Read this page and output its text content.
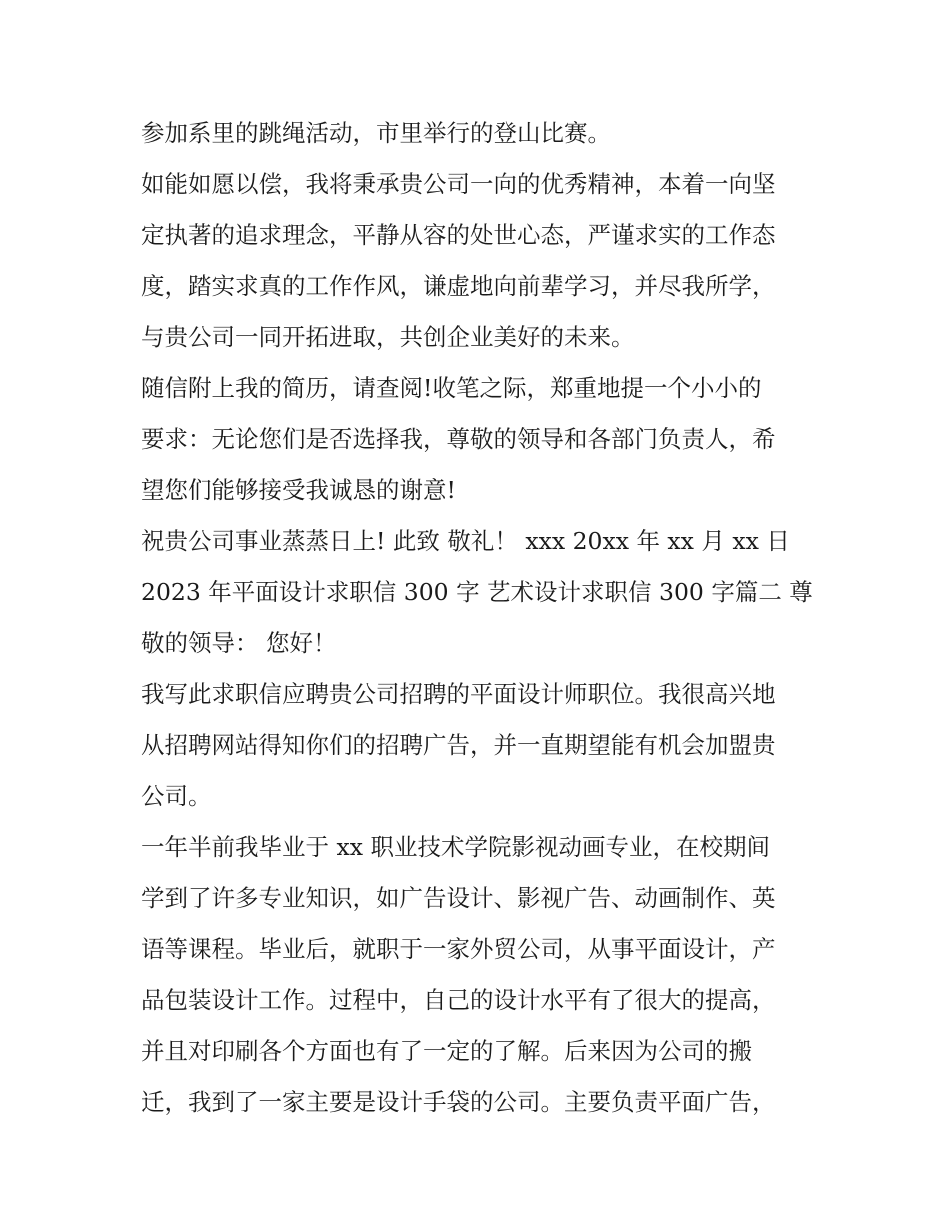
参加系里的跳绳活动，市里举行的登山比赛。
如能如愿以偿，我将秉承贵公司一向的优秀精神，本着一向坚
定执著的追求理念，平静从容的处世心态，严谨求实的工作态
度，踏实求真的工作作风，谦虚地向前辈学习，并尽我所学，
与贵公司一同开拓进取，共创企业美好的未来。
随信附上我的简历，请查阅!收笔之际，郑重地提一个小小的
要求：无论您们是否选择我，尊敬的领导和各部门负责人，希
望您们能够接受我诚恳的谢意!
祝贵公司事业蒸蒸日上! 此致 敬礼！ xxx 20xx 年 xx 月 xx 日
2023 年平面设计求职信 300 字 艺术设计求职信 300 字篇二 尊
敬的领导： 您好！
我写此求职信应聘贵公司招聘的平面设计师职位。我很高兴地
从招聘网站得知你们的招聘广告，并一直期望能有机会加盟贵
公司。
一年半前我毕业于 xx 职业技术学院影视动画专业，在校期间
学到了许多专业知识，如广告设计、影视广告、动画制作、英
语等课程。毕业后，就职于一家外贸公司，从事平面设计，产
品包装设计工作。过程中，自己的设计水平有了很大的提高，
并且对印刷各个方面也有了一定的了解。后来因为公司的搬
迁，我到了一家主要是设计手袋的公司。主要负责平面广告，
